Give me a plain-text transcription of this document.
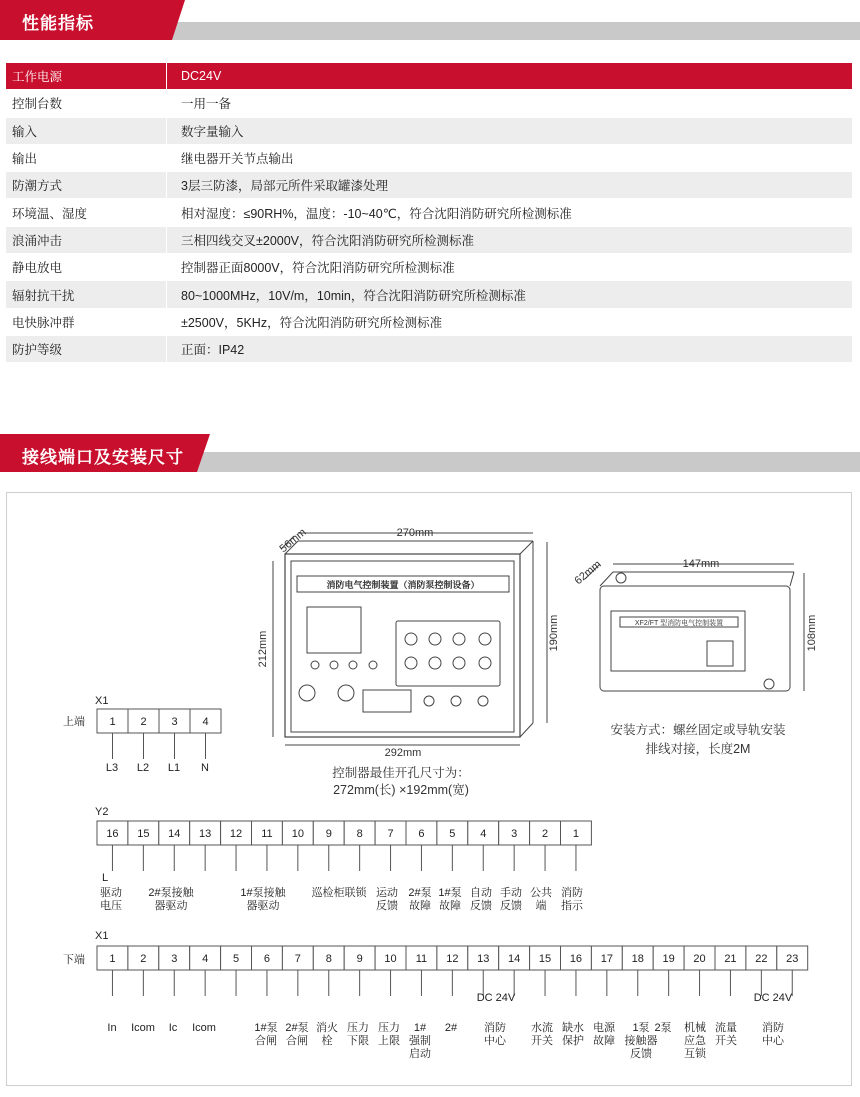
性能指标
工作电源	DC24V
控制台数	一用一备
输入	数字量输入
输出	继电器开关节点输出
防潮方式	3层三防漆，局部元所件采取罐漆处理
环境温、湿度	相对湿度：≤90RH%，温度：-10~40℃，符合沈阳消防研究所检测标准
浪涌冲击	三相四线交叉±2000V，符合沈阳消防研究所检测标准
静电放电	控制器正面8000V，符合沈阳消防研究所检测标准
辐射抗干扰	80~1000MHz，10V/m，10min，符合沈阳消防研究所检测标准
电快脉冲群	±2500V，5KHz，符合沈阳消防研究所检测标准
防护等级	正面：IP42
接线端口及安装尺寸
270mm
56mm
212mm	190mm
292mm
消防电气控制装置（消防泵控制设备）
控制器最佳开孔尺寸为：
272mm(长) ×192mm(宽)
147mm
62mm
108mm
XF2/FT 型消防电气控制装置
安装方式：螺丝固定或导轨安装
排线对接，长度2M
X1
上端 1 2 3 4
L3 L2 L1 N
Y2
16 15 14 13 12 11 10 9 8 7 6 5 4 3 2 1
L
驱动
电压
2#泵接触
器驱动
1#泵接触
器驱动
巡检柜联锁 运动
反馈
2#泵
故障
1#泵
故障
自动
反馈
手动
反馈
公共
端
消防
指示
X1
下端 1 2 3 4 5 6 7 8 9 10 11 12 13 14 15 16 17 18 19 20 21 22 23
DC 24V	DC 24V
In Icom Ic Icom	1#泵
合闸
2#泵
合闸
消火
栓
压力
下限
压力
上限
1#
强制
启动
2# 消防
中心
水流
开关
缺水
保护
电源
故障
1泵
接触器
反馈
2泵 机械
应急
互锁
流量
开关
消防
中心
